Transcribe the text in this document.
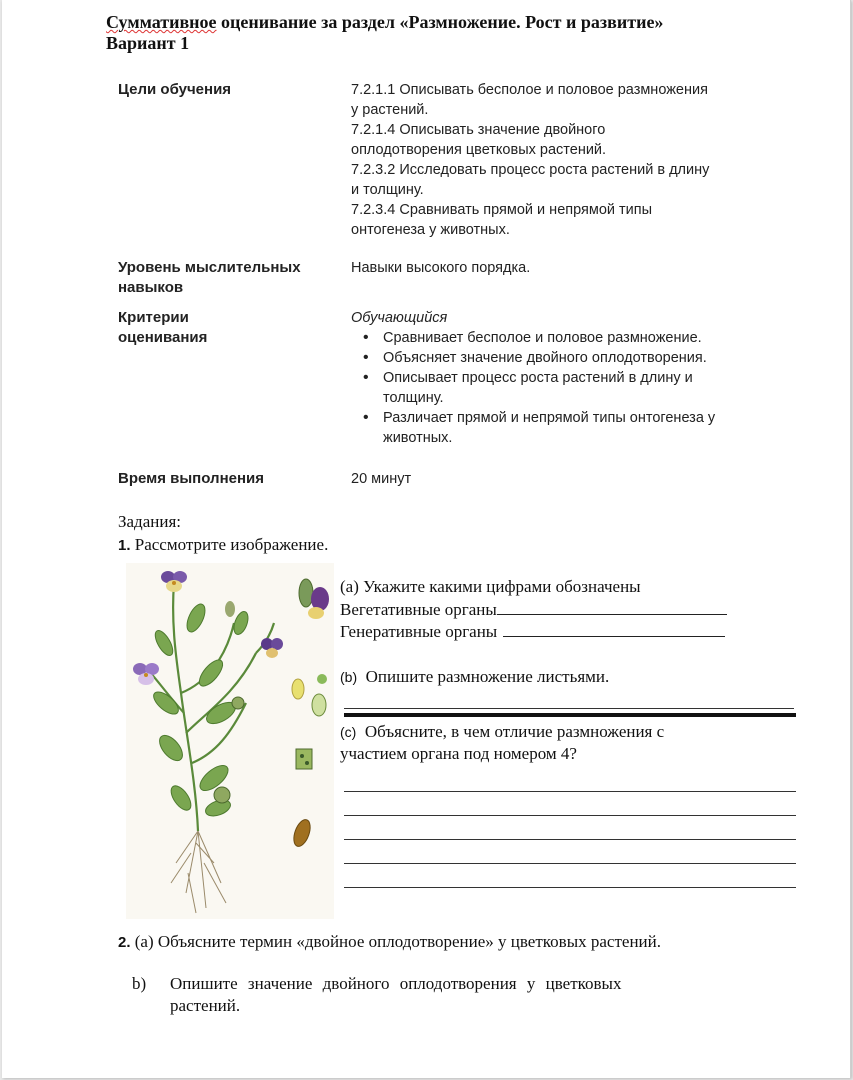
Суммативное оценивание за раздел «Размножение. Рост и развитие»
Вариант 1
Цели обучения	7.2.1.1 Описывать бесполое и половое размножения
у растений.
7.2.1.4 Описывать значение двойного
оплодотворения цветковых растений.
7.2.3.2 Исследовать процесс роста растений в длину
и толщину.
7.2.3.4 Сравнивать прямой и непрямой типы
онтогенеза у животных.
Уровень мыслительных
навыков
Навыки высокого порядка.
Критерии
оценивания
Обучающийся
• Сравнивает бесполое и половое размножение.
• Объясняет значение двойного оплодотворения.
• Описывает процесс роста растений в длину и
толщину.
• Различает прямой и непрямой типы онтогенеза у
животных.
Время выполнения	20 минут
Задания:
1. Рассмотрите изображение.
(a) Укажите какими цифрами обозначены
Вегетативные органы
Генеративные органы
(b) Опишите размножение листьями.
(c) Объясните, в чем отличие размножения с
участием органа под номером 4?
2. (a) Объясните термин «двойное оплодотворение» у цветковых растений.
b) Опишите значение двойного оплодотворения у цветковых
растений.
